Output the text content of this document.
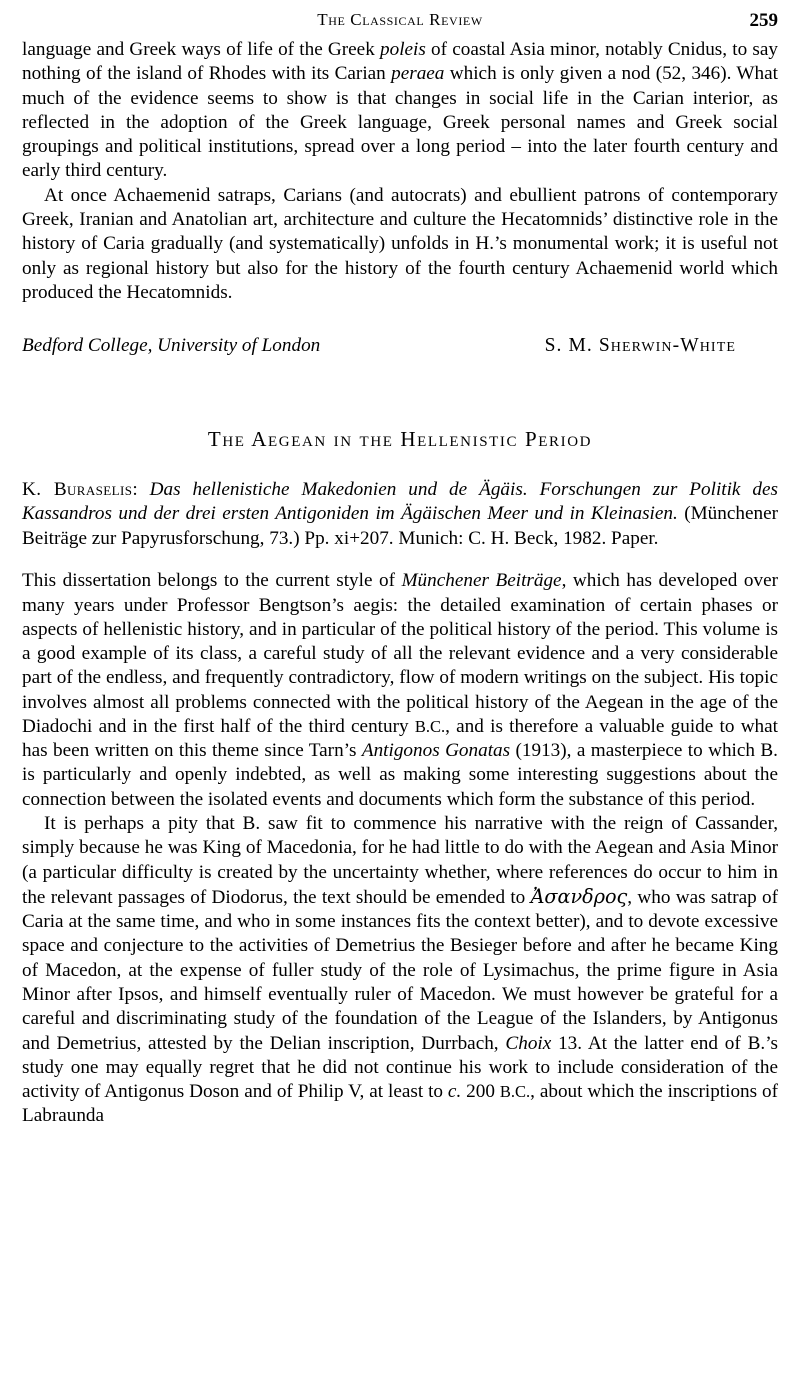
The Classical Review	259

language and Greek ways of life of the Greek poleis of coastal Asia minor, notably Cnidus, to say nothing of the island of Rhodes with its Carian peraea which is only given a nod (52, 346). What much of the evidence seems to show is that changes in social life in the Carian interior, as reflected in the adoption of the Greek language, Greek personal names and Greek social groupings and political institutions, spread over a long period – into the later fourth century and early third century.

At once Achaemenid satraps, Carians (and autocrats) and ebullient patrons of contemporary Greek, Iranian and Anatolian art, architecture and culture the Hecatomnids’ distinctive role in the history of Caria gradually (and systematically) unfolds in H.’s monumental work; it is useful not only as regional history but also for the history of the fourth century Achaemenid world which produced the Hecatomnids.

Bedford College, University of London	S. M. Sherwin-White
The Aegean in the Hellenistic Period
K. Buraselis: Das hellenistiche Makedonien und de Ägäis. Forschungen zur Politik des Kassandros und der drei ersten Antigoniden im Ägäischen Meer und in Kleinasien. (Münchener Beiträge zur Papyrusforschung, 73.) Pp. xi+207. Munich: C. H. Beck, 1982. Paper.

This dissertation belongs to the current style of Münchener Beiträge, which has developed over many years under Professor Bengtson’s aegis: the detailed examination of certain phases or aspects of hellenistic history, and in particular of the political history of the period. This volume is a good example of its class, a careful study of all the relevant evidence and a very considerable part of the endless, and frequently contradictory, flow of modern writings on the subject. His topic involves almost all problems connected with the political history of the Aegean in the age of the Diadochi and in the first half of the third century B.C., and is therefore a valuable guide to what has been written on this theme since Tarn’s Antigonos Gonatas (1913), a masterpiece to which B. is particularly and openly indebted, as well as making some interesting suggestions about the connection between the isolated events and documents which form the substance of this period.

It is perhaps a pity that B. saw fit to commence his narrative with the reign of Cassander, simply because he was King of Macedonia, for he had little to do with the Aegean and Asia Minor (a particular difficulty is created by the uncertainty whether, where references do occur to him in the relevant passages of Diodorus, the text should be emended to Ἀσανδρος, who was satrap of Caria at the same time, and who in some instances fits the context better), and to devote excessive space and conjecture to the activities of Demetrius the Besieger before and after he became King of Macedon, at the expense of fuller study of the role of Lysimachus, the prime figure in Asia Minor after Ipsos, and himself eventually ruler of Macedon. We must however be grateful for a careful and discriminating study of the foundation of the League of the Islanders, by Antigonus and Demetrius, attested by the Delian inscription, Durrbach, Choix 13. At the latter end of B.’s study one may equally regret that he did not continue his work to include consideration of the activity of Antigonus Doson and of Philip V, at least to c. 200 B.C., about which the inscriptions of Labraunda
